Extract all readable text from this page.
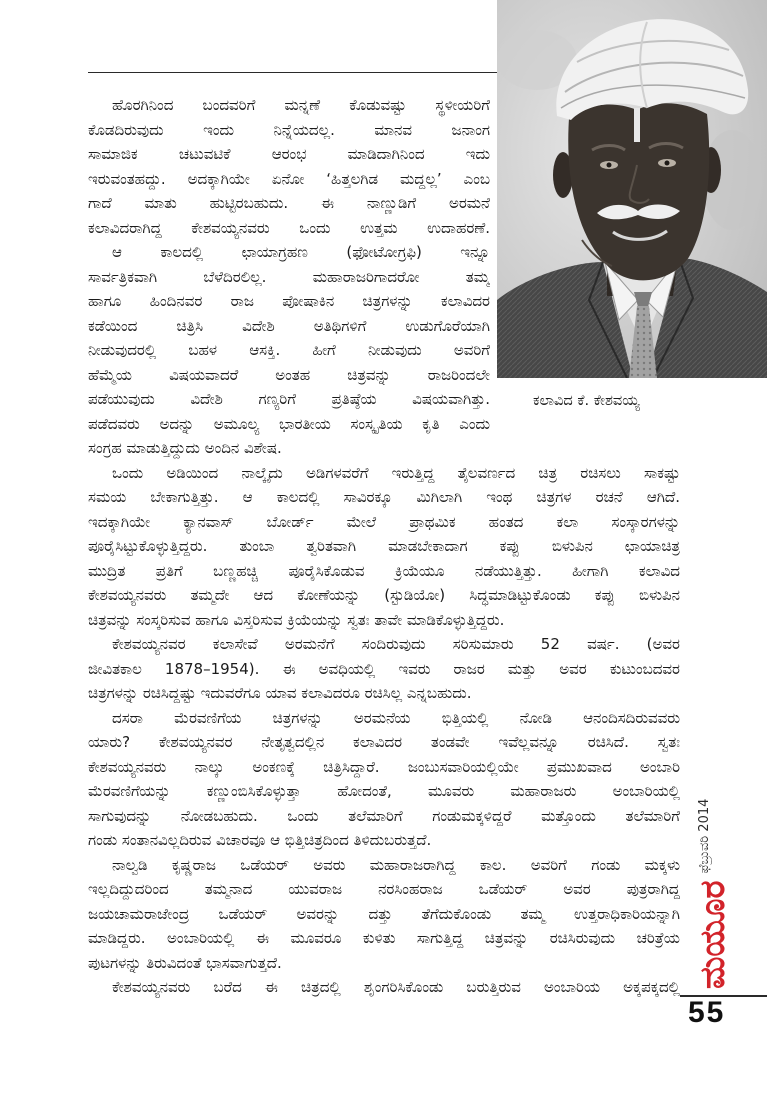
ಕಲಾವಿದ ಕೆ. ಕೇಶವಯ್ಯ
ಹೊರಗಿನಿಂದ ಬಂದವರಿಗೆ ಮನ್ನಣೆ ಕೊಡುವಷ್ಟು ಸ್ಥಳೀಯರಿಗೆ
ಕೊಡದಿರುವುದು ಇಂದು ನಿನ್ನೆಯದಲ್ಲ. ಮಾನವ ಜನಾಂಗ
ಸಾಮಾಜಿಕ ಚಟುವಟಿಕೆ ಆರಂಭ ಮಾಡಿದಾಗಿನಿಂದ ಇದು
ಇರುವಂತಹದ್ದು. ಅದಕ್ಕಾಗಿಯೇ ಏನೋ ‘ಹಿತ್ತಲಗಿಡ ಮದ್ದಲ್ಲ’ ಎಂಬ
ಗಾದೆ ಮಾತು ಹುಟ್ಟಿರಬಹುದು. ಈ ನಾಣ್ಣುಡಿಗೆ ಅರಮನೆ
ಕಲಾವಿದರಾಗಿದ್ದ ಕೇಶವಯ್ಯನವರು ಒಂದು ಉತ್ತಮ ಉದಾಹರಣೆ.
ಆ ಕಾಲದಲ್ಲಿ ಛಾಯಾಗ್ರಹಣ (ಫೋಟೋಗ್ರಫಿ) ಇನ್ನೂ
ಸಾರ್ವತ್ರಿಕವಾಗಿ ಬೆಳೆದಿರಲಿಲ್ಲ. ಮಹಾರಾಜರಿಗಾದರೋ ತಮ್ಮ
ಹಾಗೂ ಹಿಂದಿನವರ ರಾಜ ಪೋಷಾಕಿನ ಚಿತ್ರಗಳನ್ನು ಕಲಾವಿದರ
ಕಡೆಯಿಂದ ಚಿತ್ರಿಸಿ ವಿದೇಶಿ ಅತಿಥಿಗಳಿಗೆ ಉಡುಗೊರೆಯಾಗಿ
ನೀಡುವುದರಲ್ಲಿ ಬಹಳ ಆಸಕ್ತಿ. ಹೀಗೆ ನೀಡುವುದು ಅವರಿಗೆ
ಹೆಮ್ಮೆಯ ವಿಷಯವಾದರೆ ಅಂತಹ ಚಿತ್ರವನ್ನು ರಾಜರಿಂದಲೇ
ಪಡೆಯುವುದು ವಿದೇಶಿ ಗಣ್ಯರಿಗೆ ಪ್ರತಿಷ್ಠೆಯ ವಿಷಯವಾಗಿತ್ತು.
ಪಡೆದವರು ಅದನ್ನು ಅಮೂಲ್ಯ ಭಾರತೀಯ ಸಂಸ್ಕೃತಿಯ ಕೃತಿ ಎಂದು
ಸಂಗ್ರಹ ಮಾಡುತ್ತಿದ್ದುದು ಅಂದಿನ ವಿಶೇಷ.
ಒಂದು ಅಡಿಯಿಂದ ನಾಲ್ಕೈದು ಅಡಿಗಳವರೆಗೆ ಇರುತ್ತಿದ್ದ ತೈಲವರ್ಣದ ಚಿತ್ರ ರಚಿಸಲು ಸಾಕಷ್ಟು
ಸಮಯ ಬೇಕಾಗುತ್ತಿತ್ತು. ಆ ಕಾಲದಲ್ಲಿ ಸಾವಿರಕ್ಕೂ ಮಿಗಿಲಾಗಿ ಇಂಥ ಚಿತ್ರಗಳ ರಚನೆ ಆಗಿದೆ.
ಇದಕ್ಕಾಗಿಯೇ ಕ್ಯಾನವಾಸ್ ಬೋರ್ಡ್ ಮೇಲೆ ಪ್ರಾಥಮಿಕ ಹಂತದ ಕಲಾ ಸಂಸ್ಕಾರಗಳನ್ನು
ಪೂರೈಸಿಟ್ಟುಕೊಳ್ಳುತ್ತಿದ್ದರು. ತುಂಬಾ ತ್ವರಿತವಾಗಿ ಮಾಡಬೇಕಾದಾಗ ಕಪ್ಪು ಬಿಳುಪಿನ ಛಾಯಾಚಿತ್ರ
ಮುದ್ರಿತ ಪ್ರತಿಗೆ ಬಣ್ಣಹಚ್ಚಿ ಪೂರೈಸಿಕೊಡುವ ಕ್ರಿಯೆಯೂ ನಡೆಯುತ್ತಿತ್ತು. ಹೀಗಾಗಿ ಕಲಾವಿದ
ಕೇಶವಯ್ಯನವರು ತಮ್ಮದೇ ಆದ ಕೋಣೆಯನ್ನು (ಸ್ಟುಡಿಯೋ) ಸಿದ್ಧಮಾಡಿಟ್ಟುಕೊಂಡು ಕಪ್ಪು ಬಿಳುಪಿನ
ಚಿತ್ರವನ್ನು ಸಂಸ್ಕರಿಸುವ ಹಾಗೂ ವಿಸ್ತರಿಸುವ ಕ್ರಿಯೆಯನ್ನು ಸ್ವತಃ ತಾವೇ ಮಾಡಿಕೊಳ್ಳುತ್ತಿದ್ದರು.
ಕೇಶವಯ್ಯನವರ ಕಲಾಸೇವೆ ಅರಮನೆಗೆ ಸಂದಿರುವುದು ಸರಿಸುಮಾರು 52 ವರ್ಷ. (ಅವರ
ಜೀವಿತಕಾಲ 1878–1954). ಈ ಅವಧಿಯಲ್ಲಿ ಇವರು ರಾಜರ ಮತ್ತು ಅವರ ಕುಟುಂಬದವರ
ಚಿತ್ರಗಳನ್ನು ರಚಿಸಿದ್ದಷ್ಟು ಇದುವರೆಗೂ ಯಾವ ಕಲಾವಿದರೂ ರಚಿಸಿಲ್ಲ ಎನ್ನಬಹುದು.
ದಸರಾ ಮೆರವಣಿಗೆಯ ಚಿತ್ರಗಳನ್ನು ಅರಮನೆಯ ಭಿತ್ತಿಯಲ್ಲಿ ನೋಡಿ ಆನಂದಿಸದಿರುವವರು
ಯಾರು? ಕೇಶವಯ್ಯನವರ ನೇತೃತ್ವದಲ್ಲಿನ ಕಲಾವಿದರ ತಂಡವೇ ಇವೆಲ್ಲವನ್ನೂ ರಚಿಸಿದೆ. ಸ್ವತಃ
ಕೇಶವಯ್ಯನವರು ನಾಲ್ಕು ಅಂಕಣಕ್ಕೆ ಚಿತ್ರಿಸಿದ್ದಾರೆ. ಜಂಬುಸವಾರಿಯಲ್ಲಿಯೇ ಪ್ರಮುಖವಾದ ಅಂಬಾರಿ
ಮೆರವಣಿಗೆಯನ್ನು ಕಣ್ಣುಂಬಿಸಿಕೊಳ್ಳುತ್ತಾ ಹೋದಂತೆ, ಮೂವರು ಮಹಾರಾಜರು ಅಂಬಾರಿಯಲ್ಲಿ
ಸಾಗುವುದನ್ನು ನೋಡಬಹುದು. ಒಂದು ತಲೆಮಾರಿಗೆ ಗಂಡುಮಕ್ಕಳಿದ್ದರೆ ಮತ್ತೊಂದು ತಲೆಮಾರಿಗೆ
ಗಂಡು ಸಂತಾನವಿಲ್ಲದಿರುವ ವಿಚಾರವೂ ಆ ಭಿತ್ತಿಚಿತ್ರದಿಂದ ತಿಳಿದುಬರುತ್ತದೆ.
ನಾಲ್ವಡಿ ಕೃಷ್ಣರಾಜ ಒಡೆಯರ್ ಅವರು ಮಹಾರಾಜರಾಗಿದ್ದ ಕಾಲ. ಅವರಿಗೆ ಗಂಡು ಮಕ್ಕಳು
ಇಲ್ಲದಿದ್ದುದರಿಂದ ತಮ್ಮನಾದ ಯುವರಾಜ ನರಸಿಂಹರಾಜ ಒಡೆಯರ್ ಅವರ ಪುತ್ರರಾಗಿದ್ದ
ಜಯಚಾಮರಾಜೇಂದ್ರ ಒಡೆಯರ್ ಅವರನ್ನು ದತ್ತು ತೆಗೆದುಕೊಂಡು ತಮ್ಮ ಉತ್ತರಾಧಿಕಾರಿಯನ್ನಾಗಿ
ಮಾಡಿದ್ದರು. ಅಂಬಾರಿಯಲ್ಲಿ ಈ ಮೂವರೂ ಕುಳಿತು ಸಾಗುತ್ತಿದ್ದ ಚಿತ್ರವನ್ನು ರಚಿಸಿರುವುದು ಚರಿತ್ರೆಯ
ಪುಟಗಳನ್ನು ತಿರುವಿದಂತೆ ಭಾಸವಾಗುತ್ತದೆ.
ಕೇಶವಯ್ಯನವರು ಬರೆದ ಈ ಚಿತ್ರದಲ್ಲಿ ಶೃಂಗರಿಸಿಕೊಂಡು ಬರುತ್ತಿರುವ ಅಂಬಾರಿಯ ಅಕ್ಕಪಕ್ಕದಲ್ಲಿ
ಫೆಬ್ರುವರಿ 2014
ಮಯೂರ
55
